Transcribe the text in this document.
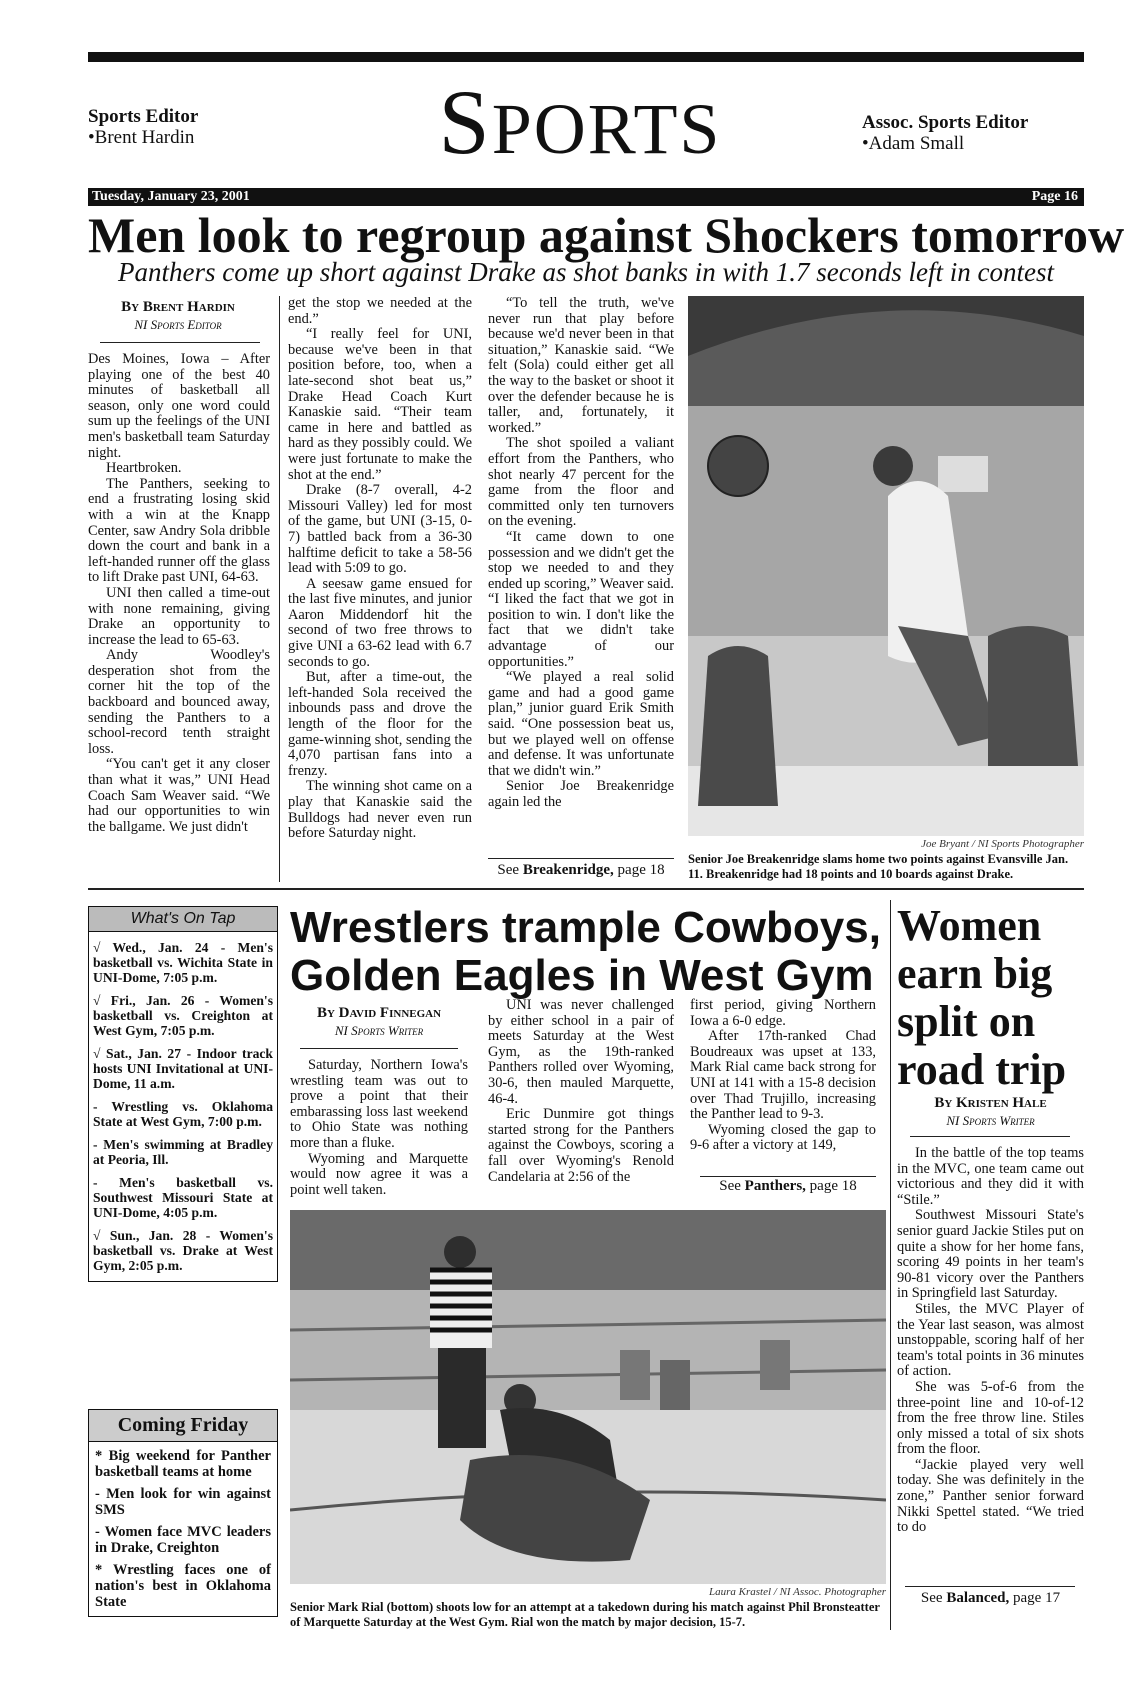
Sports Editor
•Brent Hardin	SPORTS	Assoc. Sports Editor
•Adam Small
Tuesday, January 23, 2001	Page 16
Men look to regroup against Shockers tomorrow
Panthers come up short against Drake as shot banks in with 1.7 seconds left in contest
By Brent Hardin
NI Sports Editor

Des Moines, Iowa – After playing one of the best 40 minutes of basketball all season, only one word could sum up the feelings of the UNI men's basketball team Saturday night.

Heartbroken.

The Panthers, seeking to end a frustrating losing skid with a win at the Knapp Center, saw Andry Sola dribble down the court and bank in a left-handed runner off the glass to lift Drake past UNI, 64-63.

UNI then called a time-out with none remaining, giving Drake an opportunity to increase the lead to 65-63.

Andy Woodley's desperation shot from the corner hit the top of the backboard and bounced away, sending the Panthers to a school-record tenth straight loss.

“You can't get it any closer than what it was,” UNI Head Coach Sam Weaver said. “We had our opportunities to win the ballgame. We just didn't

get the stop we needed at the end.”

“I really feel for UNI, because we've been in that position before, too, when a late-second shot beat us,” Drake Head Coach Kurt Kanaskie said. “Their team came in here and battled as hard as they possibly could. We were just fortunate to make the shot at the end.”

Drake (8-7 overall, 4-2 Missouri Valley) led for most of the game, but UNI (3-15, 0-7) battled back from a 36-30 halftime deficit to take a 58-56 lead with 5:09 to go.

A seesaw game ensued for the last five minutes, and junior Aaron Middendorf hit the second of two free throws to give UNI a 63-62 lead with 6.7 seconds to go.

But, after a time-out, the left-handed Sola received the inbounds pass and drove the length of the floor for the game-winning shot, sending the 4,070 partisan fans into a frenzy.

The winning shot came on a play that Kanaskie said the Bulldogs had never even run before Saturday night.

“To tell the truth, we've never run that play before because we'd never been in that situation,” Kanaskie said. “We felt (Sola) could either get all the way to the basket or shoot it over the defender because he is taller, and, fortunately, it worked.”

The shot spoiled a valiant effort from the Panthers, who shot nearly 47 percent for the game from the floor and committed only ten turnovers on the evening.

“It came down to one possession and we didn't get the stop we needed to and they ended up scoring,” Weaver said. “I liked the fact that we got in position to win. I don't like the fact that we didn't take advantage of our opportunities.”

“We played a real solid game and had a good game plan,” junior guard Erik Smith said. “One possession beat us, but we played well on offense and defense. It was unfortunate that we didn't win.”

Senior Joe Breakenridge again led the

See Breakenridge, page 18
Joe Bryant / NI Sports Photographer
Senior Joe Breakenridge slams home two points against Evansville Jan. 11. Breakenridge had 18 points and 10 boards against Drake.
What's On Tap
√ Wed., Jan. 24 - Men's basketball vs. Wichita State in UNI-Dome, 7:05 p.m.
√ Fri., Jan. 26 - Women's basketball vs. Creighton at West Gym, 7:05 p.m.
√ Sat., Jan. 27 - Indoor track hosts UNI Invitational at UNI-Dome, 11 a.m.
- Wrestling vs. Oklahoma State at West Gym, 7:00 p.m.
- Men's swimming at Bradley at Peoria, Ill.
- Men's basketball vs. Southwest Missouri State at UNI-Dome, 4:05 p.m.
√ Sun., Jan. 28 - Women's basketball vs. Drake at West Gym, 2:05 p.m.
Coming Friday
* Big weekend for Panther basketball teams at home
- Men look for win against SMS
- Women face MVC leaders in Drake, Creighton
* Wrestling faces one of nation's best in Oklahoma State
Wrestlers trample Cowboys, Golden Eagles in West Gym
By David Finnegan
NI Sports Writer

Saturday, Northern Iowa's wrestling team was out to prove a point that their embarassing loss last weekend to Ohio State was nothing more than a fluke.

Wyoming and Marquette would now agree it was a point well taken.

UNI was never challenged by either school in a pair of meets Saturday at the West Gym, as the 19th-ranked Panthers rolled over Wyoming, 30-6, then mauled Marquette, 46-4.

Eric Dunmire got things started strong for the Panthers against the Cowboys, scoring a fall over Wyoming's Renold Candelaria at 2:56 of the

first period, giving Northern Iowa a 6-0 edge.

After 17th-ranked Chad Boudreaux was upset at 133, Mark Rial came back strong for UNI at 141 with a 15-8 decision over Thad Trujillo, increasing the Panther lead to 9-3.

Wyoming closed the gap to 9-6 after a victory at 149,

See Panthers, page 18
Laura Krastel / NI Assoc. Photographer
Senior Mark Rial (bottom) shoots low for an attempt at a takedown during his match against Phil Bronsteatter of Marquette Saturday at the West Gym. Rial won the match by major decision, 15-7.
Women earn big split on road trip
By Kristen Hale
NI Sports Writer

In the battle of the top teams in the MVC, one team came out victorious and they did it with “Stile.”

Southwest Missouri State's senior guard Jackie Stiles put on quite a show for her home fans, scoring 49 points in her team's 90-81 vicory over the Panthers in Springfield last Saturday.

Stiles, the MVC Player of the Year last season, was almost unstoppable, scoring half of her team's total points in 36 minutes of action.

She was 5-of-6 from the three-point line and 10-of-12 from the free throw line. Stiles only missed a total of six shots from the floor.

“Jackie played very well today. She was definitely in the zone,” Panther senior forward Nikki Spettel stated. “We tried to do

See Balanced, page 17
